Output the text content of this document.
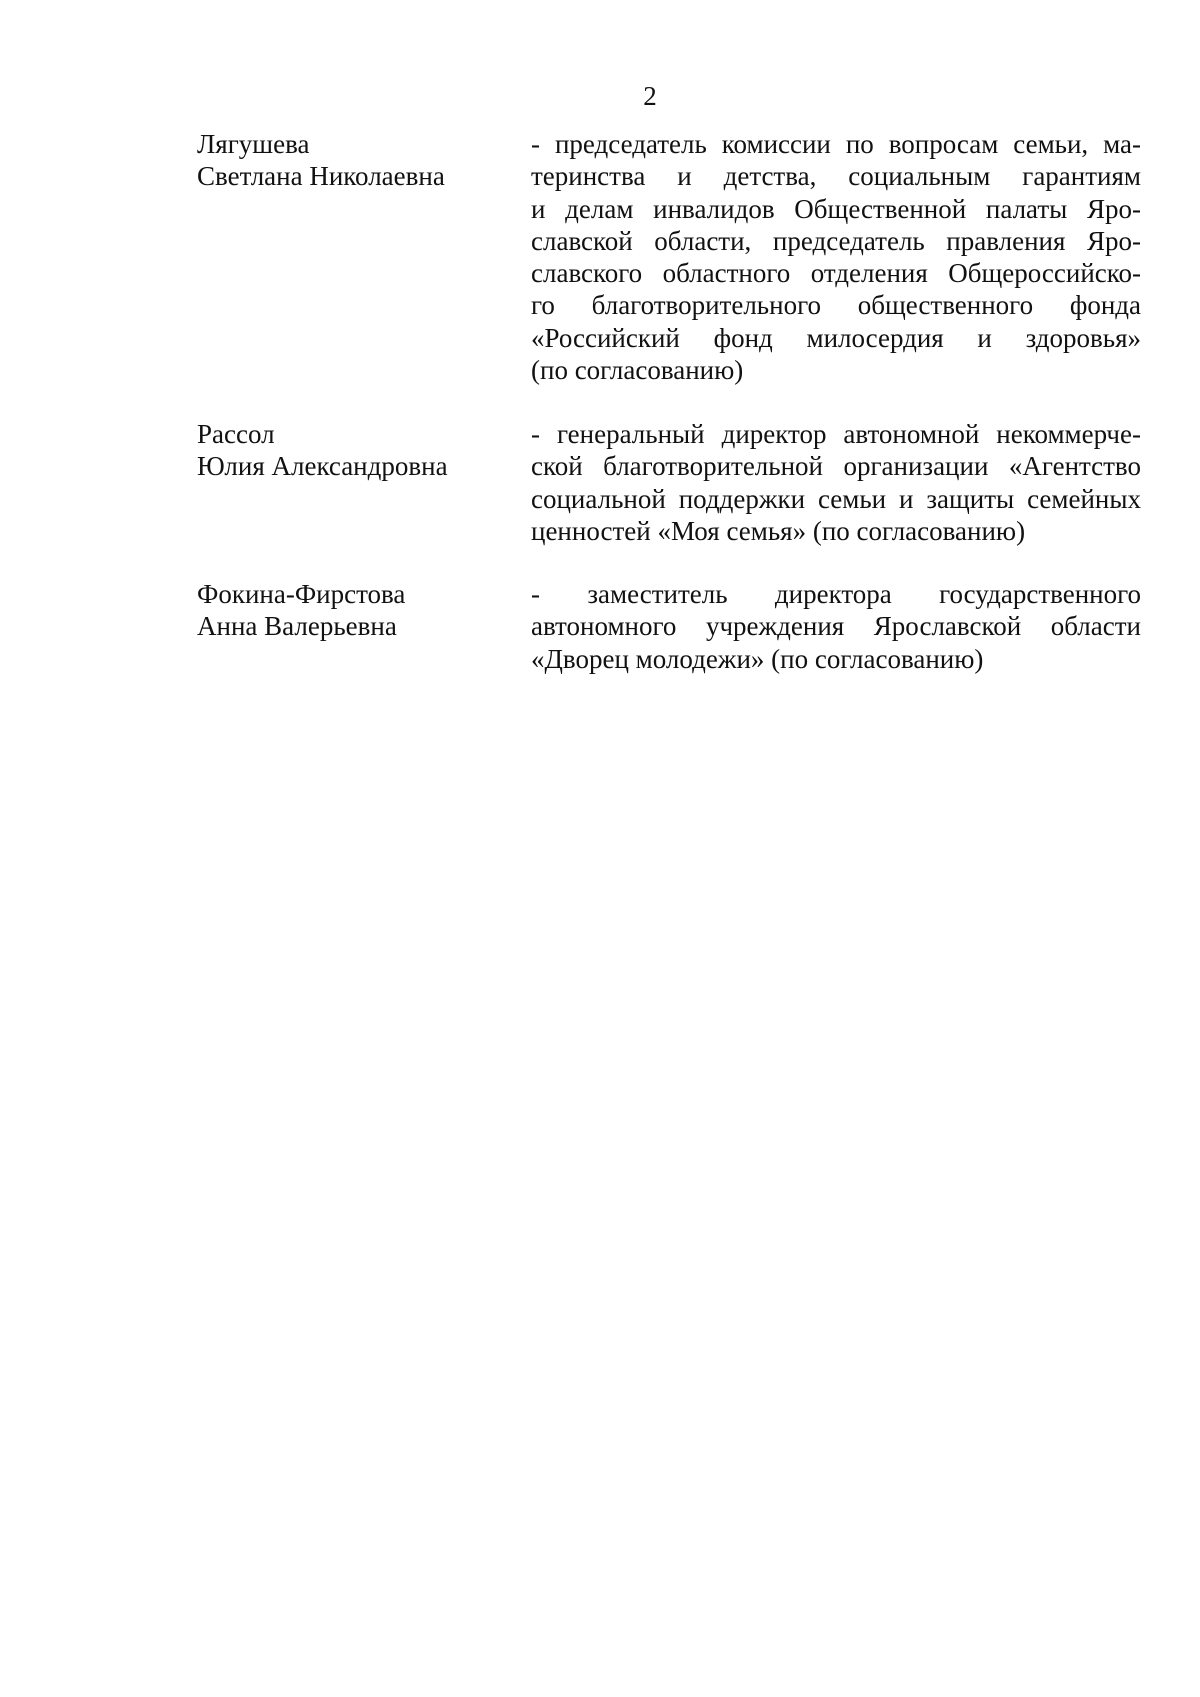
2
Лягушева
Светлана Николаевна
- председатель комиссии по вопросам семьи, ма-
теринства и детства, социальным гарантиям
и делам инвалидов Общественной палаты Яро-
славской области, председатель правления Яро-
славского областного отделения Общероссийско-
го благотворительного общественного фонда
«Российский фонд милосердия и здоровья»
(по согласованию)
Рассол
Юлия Александровна
- генеральный директор автономной некоммерче-
ской благотворительной организации «Агентство
социальной поддержки семьи и защиты семейных
ценностей «Моя семья» (по согласованию)
Фокина-Фирстова
Анна Валерьевна
- заместитель директора государственного
автономного учреждения Ярославской области
«Дворец молодежи» (по согласованию)
